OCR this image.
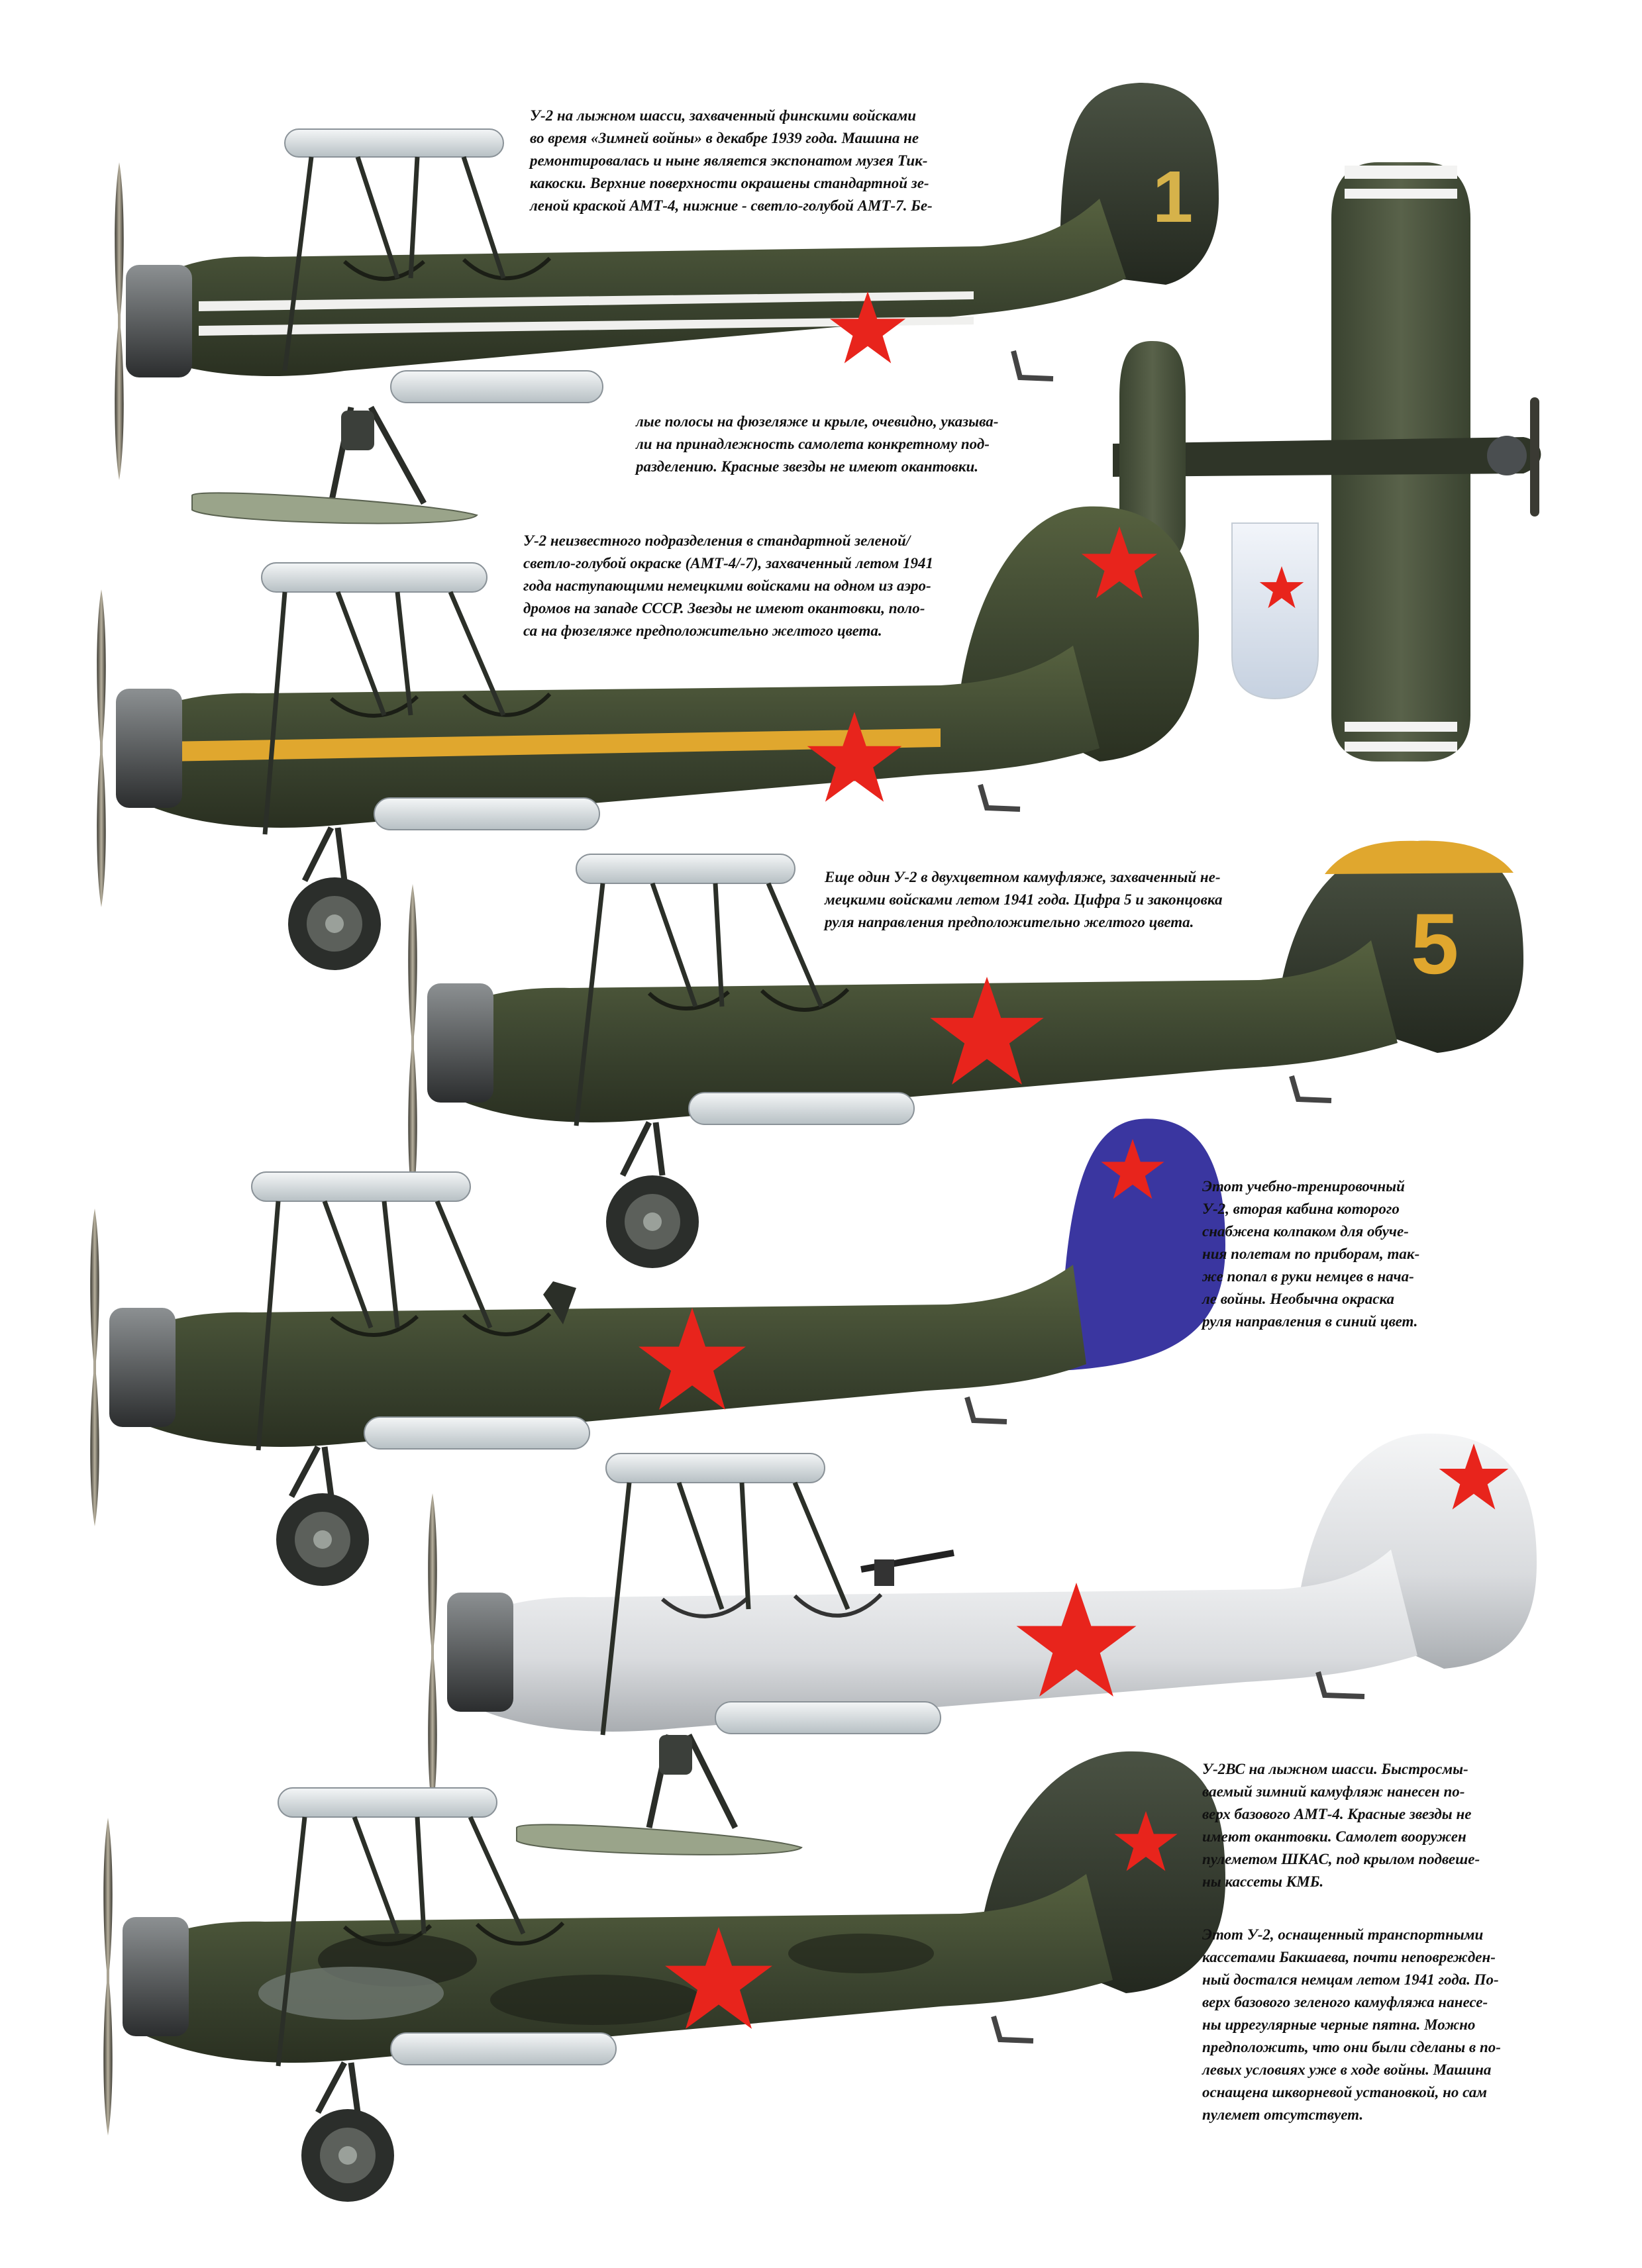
1
5
У-2 на лыжном шасси, захваченный финскими войсками
во время «Зимней войны» в декабре 1939 года. Машина не
ремонтировалась и ныне является экспонатом музея Тик-
какоски. Верхние поверхности окрашены стандартной зе-
леной краской АМТ-4, нижние - светло-голубой АМТ-7. Бе-
лые полосы на фюзеляже и крыле, очевидно, указыва-
ли на принадлежность самолета конкретному под-
разделению. Красные звезды не имеют окантовки.
У-2 неизвестного подразделения в стандартной зеленой/
светло-голубой окраске (АМТ-4/-7), захваченный летом 1941
года наступающими немецкими войсками на одном из аэро-
дромов на западе СССР. Звезды не имеют окантовки, поло-
са на фюзеляже предположительно желтого цвета.
Еще один У-2 в двухцветном камуфляже, захваченный не-
мецкими войсками летом 1941 года. Цифра 5 и законцовка
руля направления предположительно желтого цвета.
Этот учебно-тренировочный
У-2, вторая кабина которого
снабжена колпаком для обуче-
ния полетам по приборам, так-
же попал в руки немцев в нача-
ле войны. Необычна окраска
руля направления в синий цвет.
У-2ВС на лыжном шасси. Быстросмы-
ваемый зимний камуфляж нанесен по-
верх базового АМТ-4. Красные звезды не
имеют окантовки. Самолет вооружен
пулеметом ШКАС, под крылом подвеше-
ны кассеты КМБ.
Этот У-2, оснащенный транспортными
кассетами Бакшаева, почти неповрежден-
ный достался немцам летом 1941 года. По-
верх базового зеленого камуфляжа нанесе-
ны иррегулярные черные пятна. Можно
предположить, что они были сделаны в по-
левых условиях уже в ходе войны. Машина
оснащена шкворневой установкой, но сам
пулемет отсутствует.
